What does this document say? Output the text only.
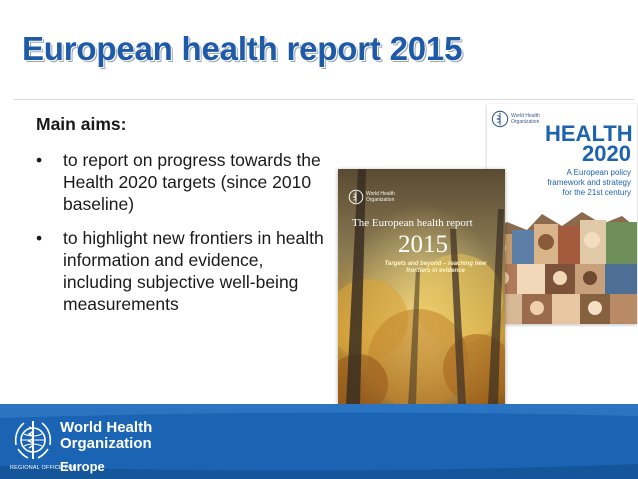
European health report 2015
Main aims:
• to report on progress towards the Health 2020 targets (since 2010 baseline)
• to highlight new frontiers in health information and evidence, including subjective well-being measurements
World Health
Organization HEALTH
2020
A European policy framework and strategy for the 21st century
World Health
Organization
The European health report
2015
Targets and beyond – reaching new frontiers in evidence
World Health
Organization
REGIONAL OFFICE FOR
Europe
